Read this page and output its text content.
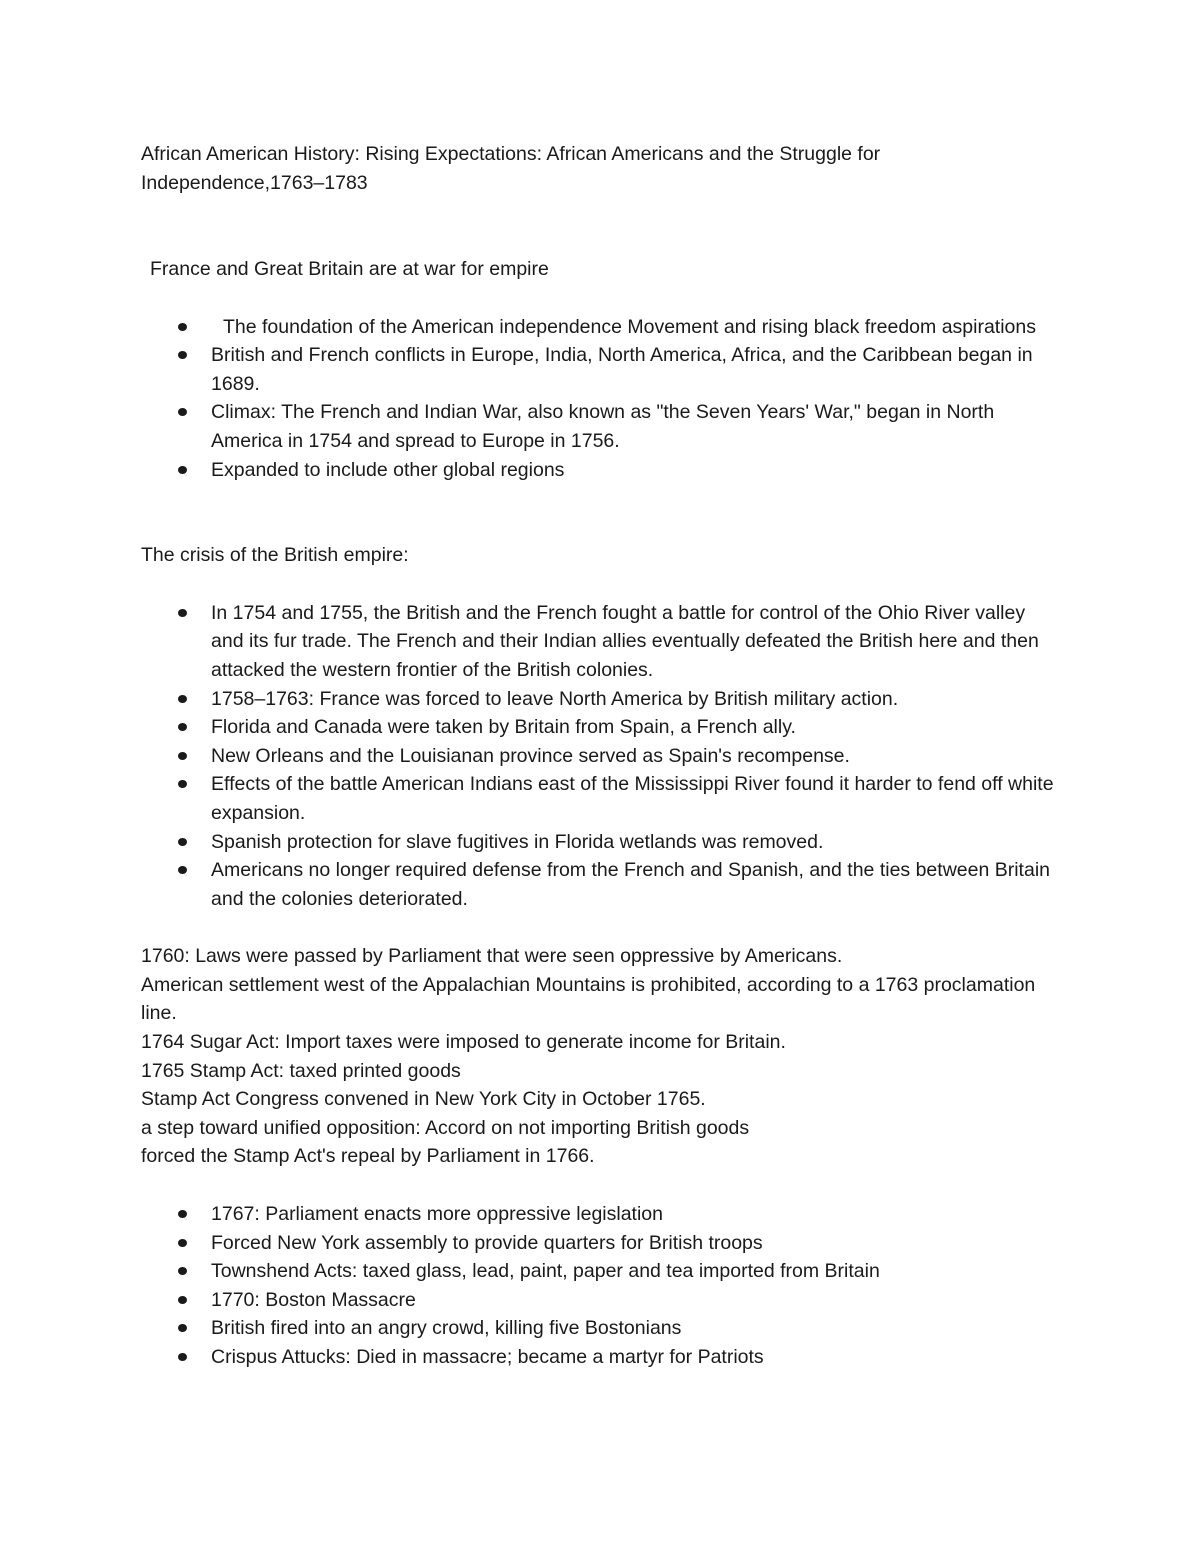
African American History: Rising Expectations: African Americans and the Struggle for Independence,1763–1783

France and Great Britain are at war for empire

The foundation of the American independence Movement and rising black freedom aspirations
British and French conflicts in Europe, India, North America, Africa, and the Caribbean began in 1689.
Climax: The French and Indian War, also known as "the Seven Years' War," began in North America in 1754 and spread to Europe in 1756.
Expanded to include other global regions

The crisis of the British empire:

In 1754 and 1755, the British and the French fought a battle for control of the Ohio River valley and its fur trade. The French and their Indian allies eventually defeated the British here and then attacked the western frontier of the British colonies.
1758–1763: France was forced to leave North America by British military action.
Florida and Canada were taken by Britain from Spain, a French ally.
New Orleans and the Louisianan province served as Spain's recompense.
Effects of the battle American Indians east of the Mississippi River found it harder to fend off white expansion.
Spanish protection for slave fugitives in Florida wetlands was removed.
Americans no longer required defense from the French and Spanish, and the ties between Britain and the colonies deteriorated.

1760: Laws were passed by Parliament that were seen oppressive by Americans.

American settlement west of the Appalachian Mountains is prohibited, according to a 1763 proclamation line.

1764 Sugar Act: Import taxes were imposed to generate income for Britain.

1765 Stamp Act: taxed printed goods

Stamp Act Congress convened in New York City in October 1765.

a step toward unified opposition: Accord on not importing British goods

forced the Stamp Act's repeal by Parliament in 1766.

1767: Parliament enacts more oppressive legislation
Forced New York assembly to provide quarters for British troops
Townshend Acts: taxed glass, lead, paint, paper and tea imported from Britain
1770: Boston Massacre
British fired into an angry crowd, killing five Bostonians
Crispus Attucks: Died in massacre; became a martyr for Patriots
